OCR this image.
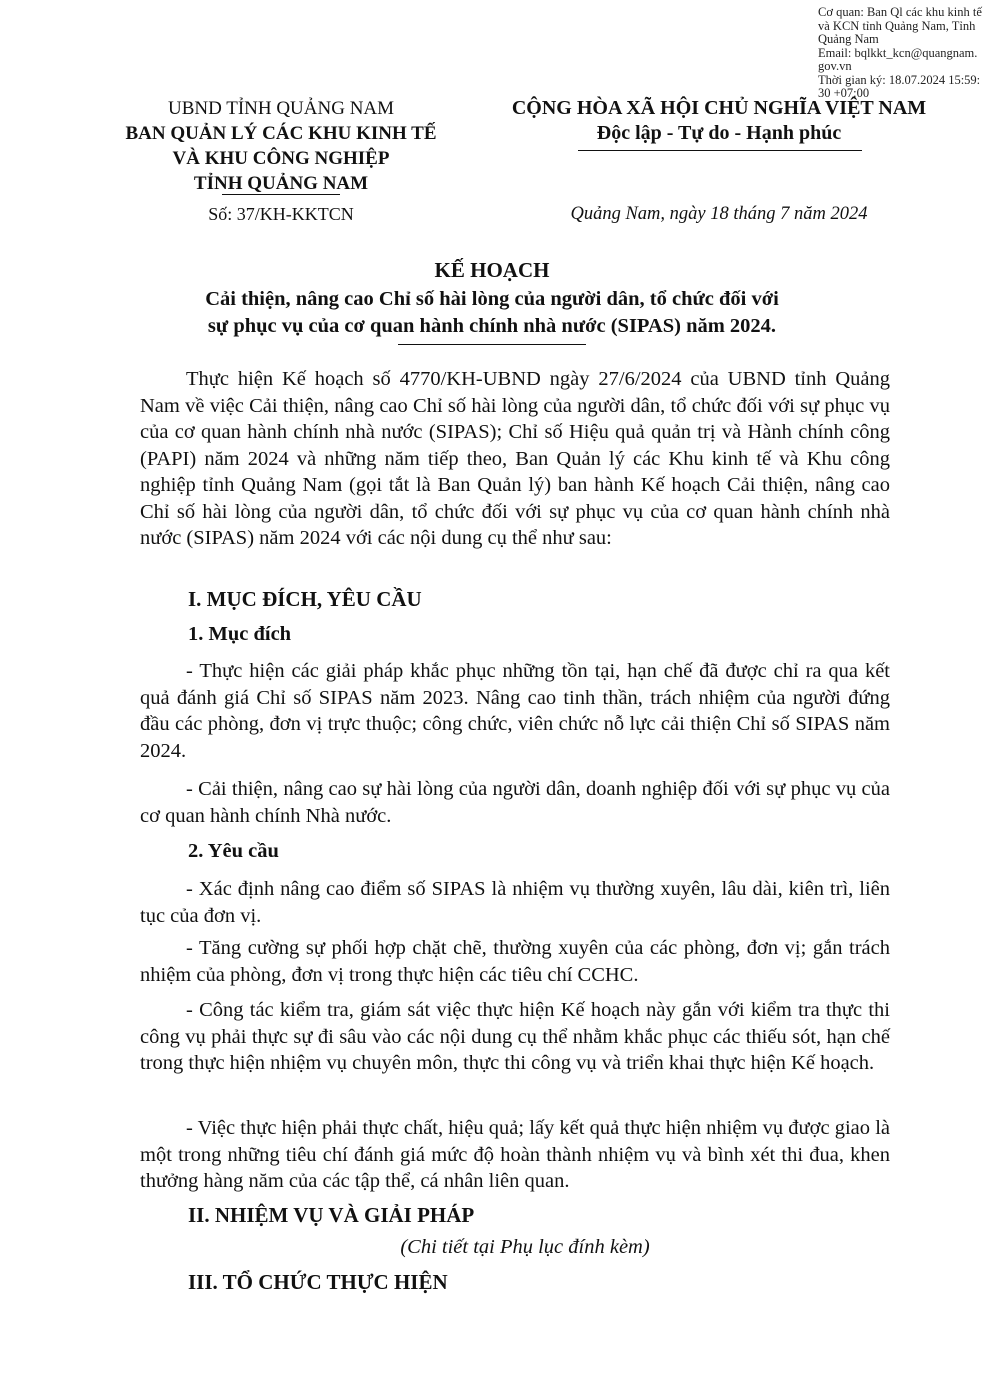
Cơ quan: Ban Ql các khu kinh tế và KCN tỉnh Quảng Nam, Tỉnh Quảng Nam
Email: bqlkkt_kcn@quangnam.gov.vn
Thời gian ký: 18.07.2024 15:59:30 +07:00
UBND TỈNH QUẢNG NAM
BAN QUẢN LÝ CÁC KHU KINH TẾ
VÀ KHU CÔNG NGHIỆP
TỈNH QUẢNG NAM
Số: 37/KH-KKTCN
CỘNG HÒA XÃ HỘI CHỦ NGHĨA VIỆT NAM
Độc lập - Tự do - Hạnh phúc
Quảng Nam, ngày 18 tháng 7 năm 2024
KẾ HOẠCH
Cải thiện, nâng cao Chỉ số hài lòng của người dân, tổ chức đối với
sự phục vụ của cơ quan hành chính nhà nước (SIPAS) năm 2024.
Thực hiện Kế hoạch số 4770/KH-UBND ngày 27/6/2024 của UBND tỉnh Quảng Nam về việc Cải thiện, nâng cao Chỉ số hài lòng của người dân, tổ chức đối với sự phục vụ của cơ quan hành chính nhà nước (SIPAS); Chỉ số Hiệu quả quản trị và Hành chính công (PAPI) năm 2024 và những năm tiếp theo, Ban Quản lý các Khu kinh tế và Khu công nghiệp tỉnh Quảng Nam (gọi tắt là Ban Quản lý) ban hành Kế hoạch Cải thiện, nâng cao Chỉ số hài lòng của người dân, tổ chức đối với sự phục vụ của cơ quan hành chính nhà nước (SIPAS) năm 2024 với các nội dung cụ thể như sau:
I. MỤC ĐÍCH, YÊU CẦU
1. Mục đích
- Thực hiện các giải pháp khắc phục những tồn tại, hạn chế đã được chỉ ra qua kết quả đánh giá Chỉ số SIPAS năm 2023. Nâng cao tinh thần, trách nhiệm của người đứng đầu các phòng, đơn vị trực thuộc; công chức, viên chức nỗ lực cải thiện Chỉ số SIPAS năm 2024.
- Cải thiện, nâng cao sự hài lòng của người dân, doanh nghiệp đối với sự phục vụ của cơ quan hành chính Nhà nước.
2. Yêu cầu
- Xác định nâng cao điểm số SIPAS là nhiệm vụ thường xuyên, lâu dài, kiên trì, liên tục của đơn vị.
- Tăng cường sự phối hợp chặt chẽ, thường xuyên của các phòng, đơn vị; gắn trách nhiệm của phòng, đơn vị trong thực hiện các tiêu chí CCHC.
- Công tác kiểm tra, giám sát việc thực hiện Kế hoạch này gắn với kiểm tra thực thi công vụ phải thực sự đi sâu vào các nội dung cụ thể nhằm khắc phục các thiếu sót, hạn chế trong thực hiện nhiệm vụ chuyên môn, thực thi công vụ và triển khai thực hiện Kế hoạch.
- Việc thực hiện phải thực chất, hiệu quả; lấy kết quả thực hiện nhiệm vụ được giao là một trong những tiêu chí đánh giá mức độ hoàn thành nhiệm vụ và bình xét thi đua, khen thưởng hàng năm của các tập thể, cá nhân liên quan.
II. NHIỆM VỤ VÀ GIẢI PHÁP
(Chi tiết tại Phụ lục đính kèm)
III. TỔ CHỨC THỰC HIỆN
